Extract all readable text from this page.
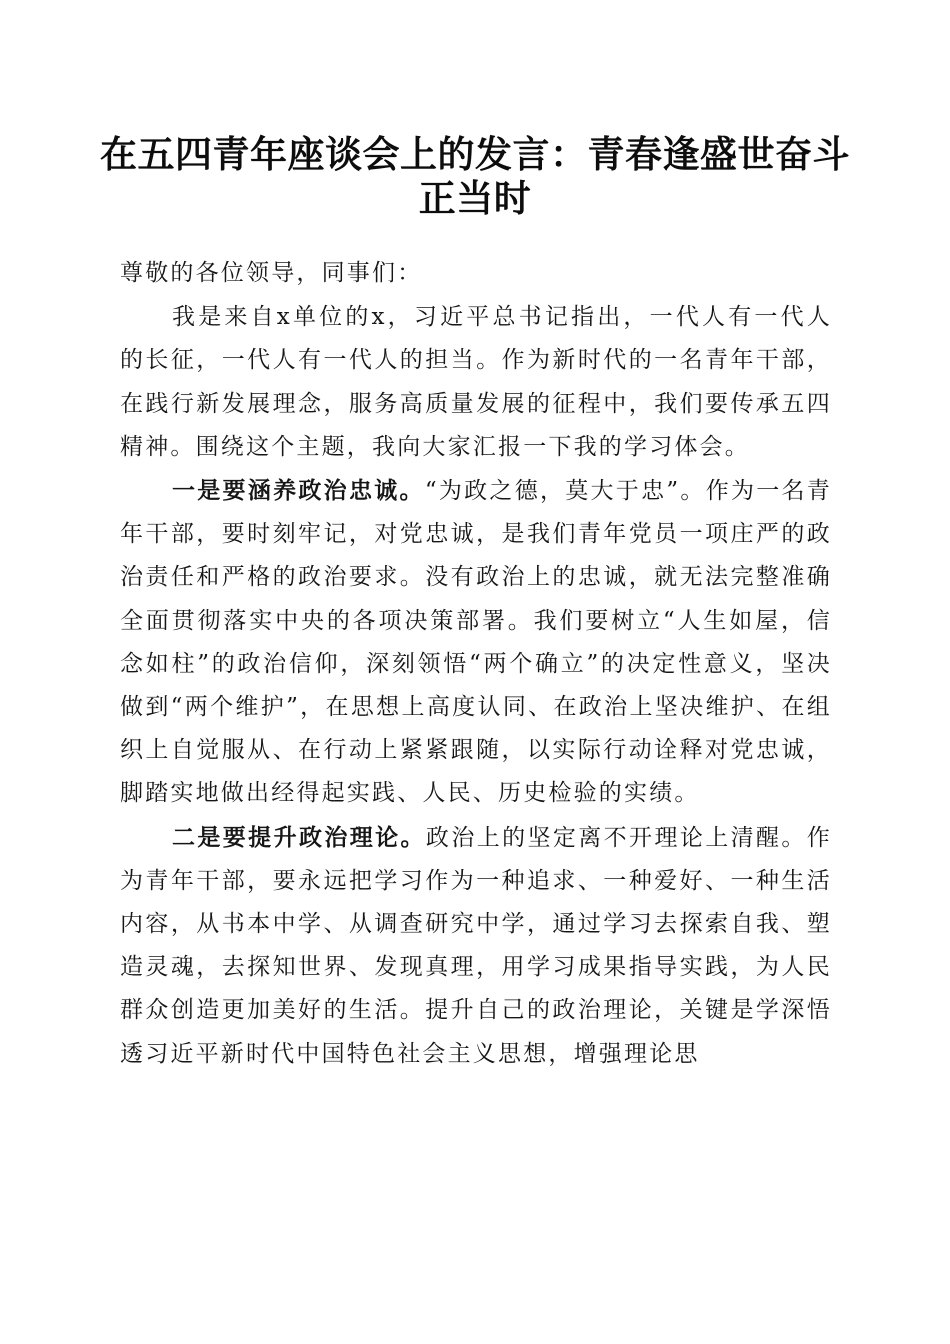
在五四青年座谈会上的发言：青春逢盛世奋斗正当时

尊敬的各位领导，同事们：

我是来自x单位的x，习近平总书记指出，一代人有一代人的长征，一代人有一代人的担当。作为新时代的一名青年干部，在践行新发展理念，服务高质量发展的征程中，我们要传承五四精神。围绕这个主题，我向大家汇报一下我的学习体会。

一是要涵养政治忠诚。“为政之德，莫大于忠”。作为一名青年干部，要时刻牢记，对党忠诚，是我们青年党员一项庄严的政治责任和严格的政治要求。没有政治上的忠诚，就无法完整准确全面贯彻落实中央的各项决策部署。我们要树立“人生如屋，信念如柱”的政治信仰，深刻领悟“两个确立”的决定性意义，坚决做到“两个维护”，在思想上高度认同、在政治上坚决维护、在组织上自觉服从、在行动上紧紧跟随，以实际行动诠释对党忠诚，脚踏实地做出经得起实践、人民、历史检验的实绩。

二是要提升政治理论。政治上的坚定离不开理论上清醒。作为青年干部，要永远把学习作为一种追求、一种爱好、一种生活内容，从书本中学、从调查研究中学，通过学习去探索自我、塑造灵魂，去探知世界、发现真理，用学习成果指导实践，为人民群众创造更加美好的生活。提升自己的政治理论，关键是学深悟透习近平新时代中国特色社会主义思想，增强理论思
